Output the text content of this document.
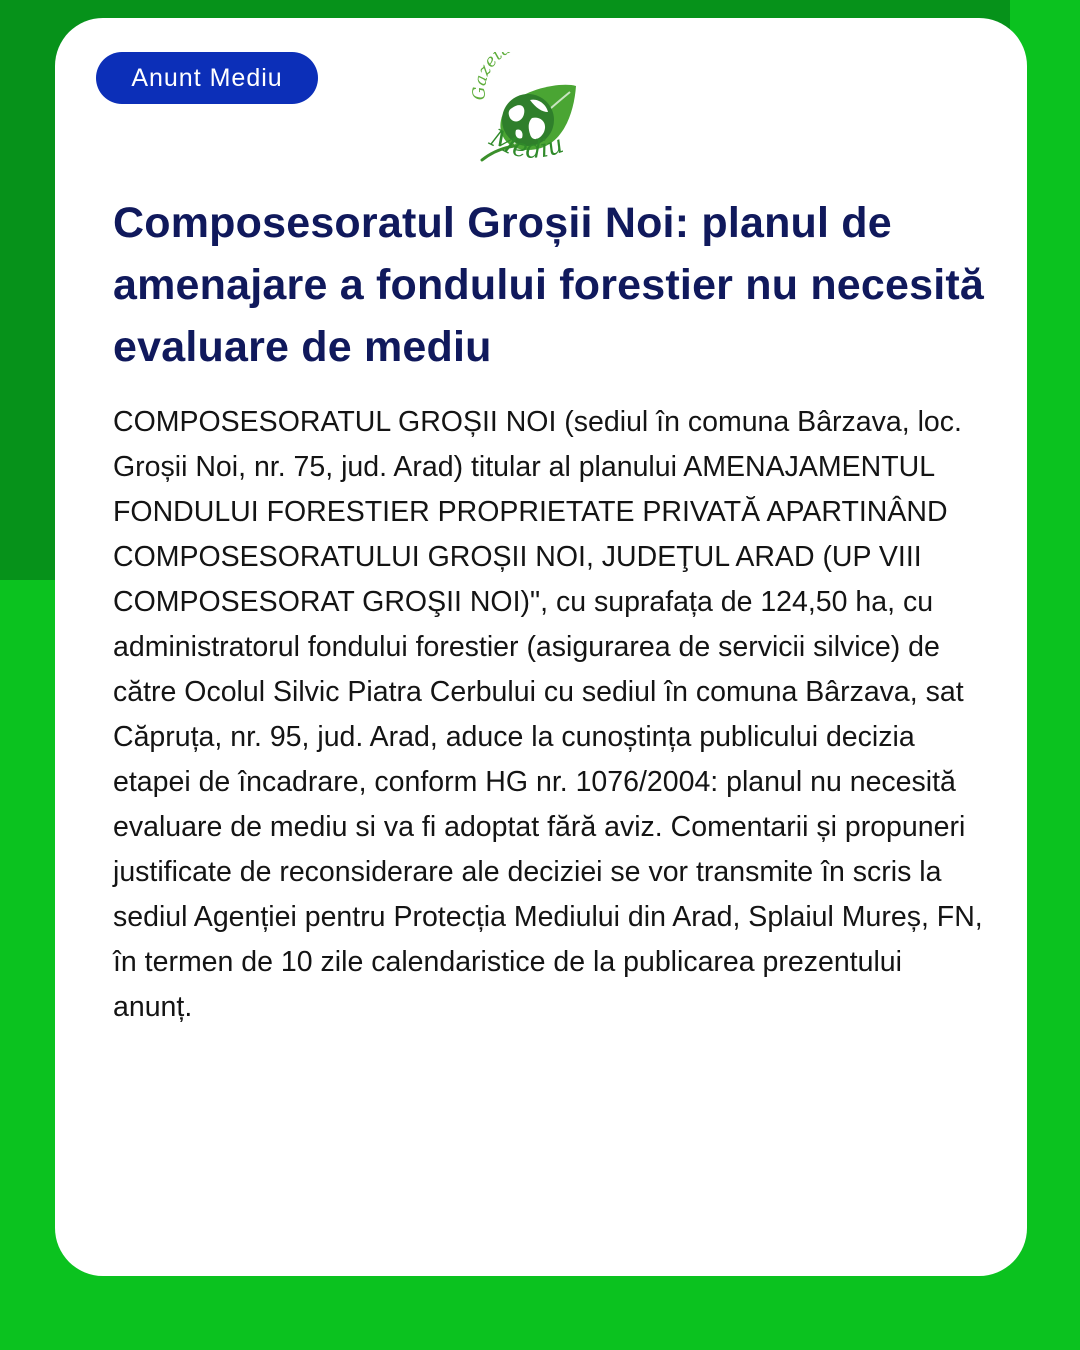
Anunt Mediu
Gazet
Mediu
Composesoratul Groșii Noi: planul de amenajare a fondului forestier nu necesită evaluare de mediu

COMPOSESORATUL GROȘII NOI (sediul în comuna Bârzava, loc. Groșii Noi, nr. 75, jud. Arad) titular al planului AMENAJAMENTUL FONDULUI FORESTIER PROPRIETATE PRIVATĂ APARTINÂND COMPOSESORATULUI GROȘII NOI, JUDEŢUL ARAD (UP VIII COMPOSESORAT GROŞII NOI)", cu suprafața de 124,50 ha, cu administratorul fondului forestier (asigurarea de servicii silvice) de către Ocolul Silvic Piatra Cerbului cu sediul în comuna Bârzava, sat Căpruța, nr. 95, jud. Arad, aduce la cunoștința publicului decizia etapei de încadrare, conform HG nr. 1076/2004: planul nu necesită evaluare de mediu si va fi adoptat fără aviz. Comentarii și propuneri justificate de reconsiderare ale deciziei se vor transmite în scris la sediul Agenției pentru Protecția Mediului din Arad, Splaiul Mureș, FN, în termen de 10 zile calendaristice de la publicarea prezentului anunț.
